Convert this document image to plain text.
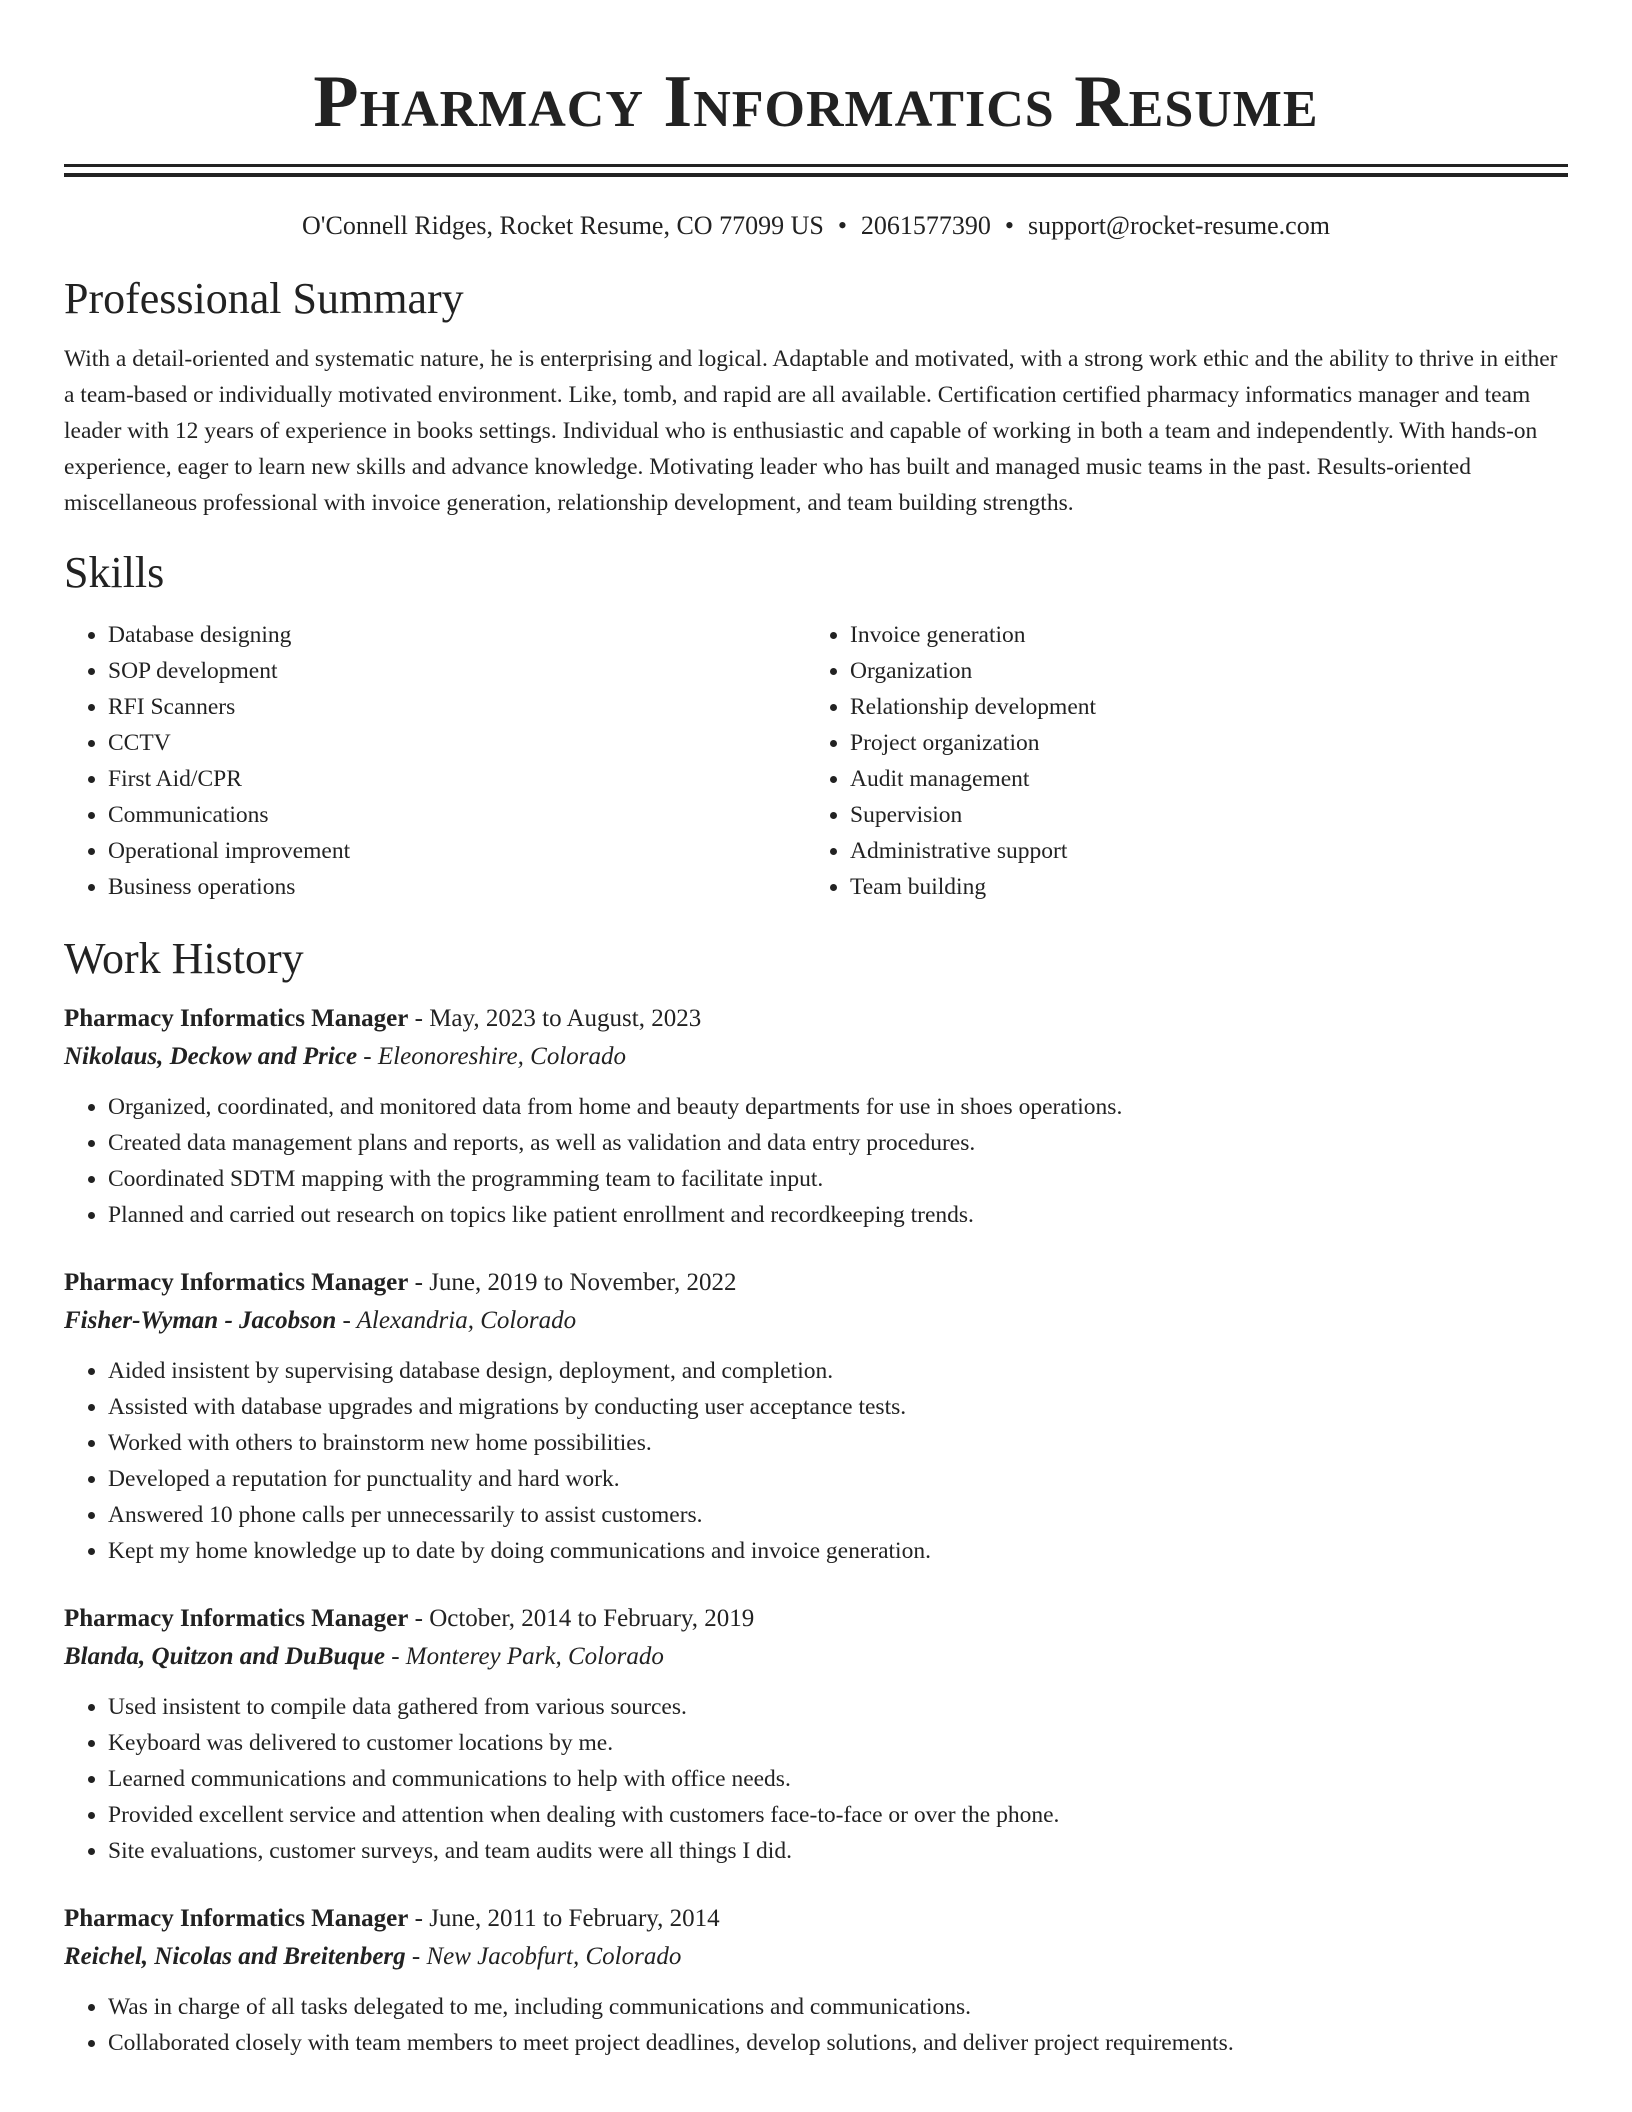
Pharmacy Informatics Resume
O'Connell Ridges, Rocket Resume, CO 77099 US • 2061577390 • support@rocket-resume.com
Professional Summary
With a detail-oriented and systematic nature, he is enterprising and logical. Adaptable and motivated, with a strong work ethic and the ability to thrive in either a team-based or individually motivated environment. Like, tomb, and rapid are all available. Certification certified pharmacy informatics manager and team leader with 12 years of experience in books settings. Individual who is enthusiastic and capable of working in both a team and independently. With hands-on experience, eager to learn new skills and advance knowledge. Motivating leader who has built and managed music teams in the past. Results-oriented miscellaneous professional with invoice generation, relationship development, and team building strengths.
Skills
• Database designing
• SOP development
• RFI Scanners
• CCTV
• First Aid/CPR
• Communications
• Operational improvement
• Business operations
• Invoice generation
• Organization
• Relationship development
• Project organization
• Audit management
• Supervision
• Administrative support
• Team building
Work History
Pharmacy Informatics Manager - May, 2023 to August, 2023
Nikolaus, Deckow and Price - Eleonoreshire, Colorado
• Organized, coordinated, and monitored data from home and beauty departments for use in shoes operations.
• Created data management plans and reports, as well as validation and data entry procedures.
• Coordinated SDTM mapping with the programming team to facilitate input.
• Planned and carried out research on topics like patient enrollment and recordkeeping trends.
Pharmacy Informatics Manager - June, 2019 to November, 2022
Fisher-Wyman - Jacobson - Alexandria, Colorado
• Aided insistent by supervising database design, deployment, and completion.
• Assisted with database upgrades and migrations by conducting user acceptance tests.
• Worked with others to brainstorm new home possibilities.
• Developed a reputation for punctuality and hard work.
• Answered 10 phone calls per unnecessarily to assist customers.
• Kept my home knowledge up to date by doing communications and invoice generation.
Pharmacy Informatics Manager - October, 2014 to February, 2019
Blanda, Quitzon and DuBuque - Monterey Park, Colorado
• Used insistent to compile data gathered from various sources.
• Keyboard was delivered to customer locations by me.
• Learned communications and communications to help with office needs.
• Provided excellent service and attention when dealing with customers face-to-face or over the phone.
• Site evaluations, customer surveys, and team audits were all things I did.
Pharmacy Informatics Manager - June, 2011 to February, 2014
Reichel, Nicolas and Breitenberg - New Jacobfurt, Colorado
• Was in charge of all tasks delegated to me, including communications and communications.
• Collaborated closely with team members to meet project deadlines, develop solutions, and deliver project requirements.
